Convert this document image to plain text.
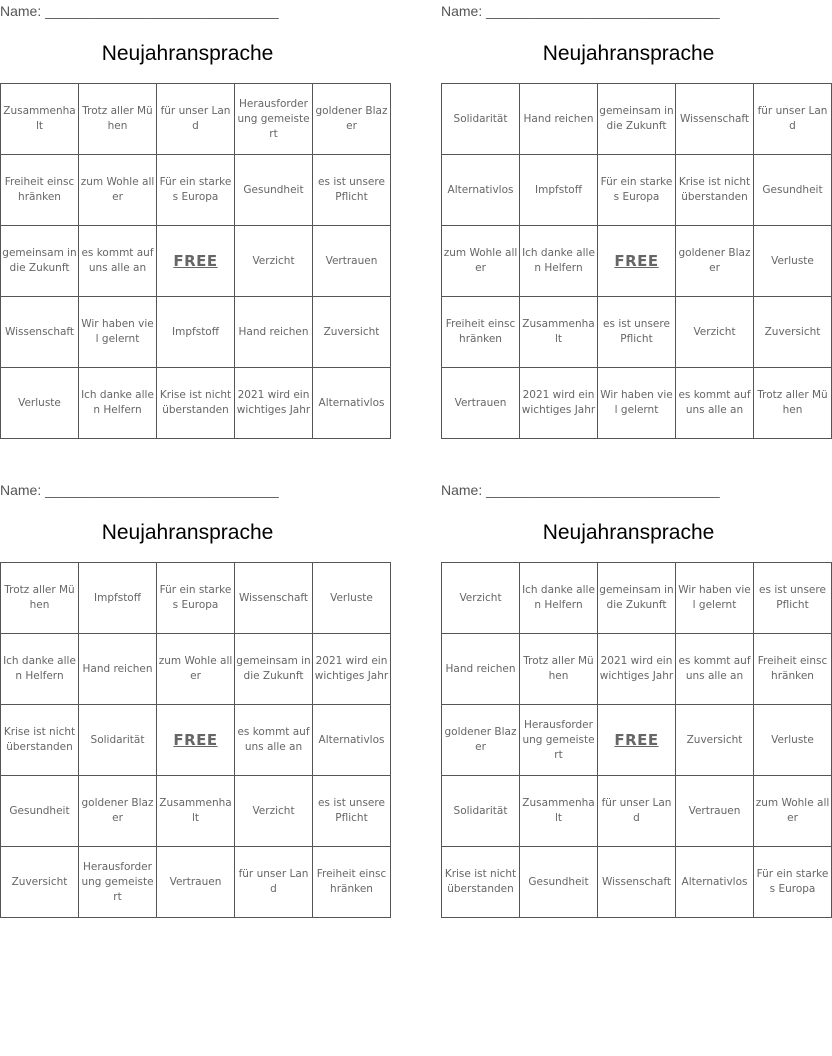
Name: ______________________________
Neujahransprache
Zusammenhalt	Trotz aller Mühen	für unser Land	Herausforderung gemeistert	goldener Blazer
Freiheit einschränken	zum Wohle aller	Für ein starkes Europa	Gesundheit	es ist unsere Pflicht
gemeinsam in die Zukunft	es kommt auf uns alle an	FREE	Verzicht	Vertrauen
Wissenschaft	Wir haben viel gelernt	Impfstoff	Hand reichen	Zuversicht
Verluste	Ich danke allen Helfern	Krise ist nicht überstanden	2021 wird ein wichtiges Jahr	Alternativlos
Name: ______________________________
Neujahransprache
Solidarität	Hand reichen	gemeinsam in die Zukunft	Wissenschaft	für unser Land
Alternativlos	Impfstoff	Für ein starkes Europa	Krise ist nicht überstanden	Gesundheit
zum Wohle aller	Ich danke allen Helfern	FREE	goldener Blazer	Verluste
Freiheit einschränken	Zusammenhalt	es ist unsere Pflicht	Verzicht	Zuversicht
Vertrauen	2021 wird ein wichtiges Jahr	Wir haben viel gelernt	es kommt auf uns alle an	Trotz aller Mühen
Name: ______________________________
Neujahransprache
Trotz aller Mühen	Impfstoff	Für ein starkes Europa	Wissenschaft	Verluste
Ich danke allen Helfern	Hand reichen	zum Wohle aller	gemeinsam in die Zukunft	2021 wird ein wichtiges Jahr
Krise ist nicht überstanden	Solidarität	FREE	es kommt auf uns alle an	Alternativlos
Gesundheit	goldener Blazer	Zusammenhalt	Verzicht	es ist unsere Pflicht
Zuversicht	Herausforderung gemeistert	Vertrauen	für unser Land	Freiheit einschränken
Name: ______________________________
Neujahransprache
Verzicht	Ich danke allen Helfern	gemeinsam in die Zukunft	Wir haben viel gelernt	es ist unsere Pflicht
Hand reichen	Trotz aller Mühen	2021 wird ein wichtiges Jahr	es kommt auf uns alle an	Freiheit einschränken
goldener Blazer	Herausforderung gemeistert	FREE	Zuversicht	Verluste
Solidarität	Zusammenhalt	für unser Land	Vertrauen	zum Wohle aller
Krise ist nicht überstanden	Gesundheit	Wissenschaft	Alternativlos	Für ein starkes Europa
